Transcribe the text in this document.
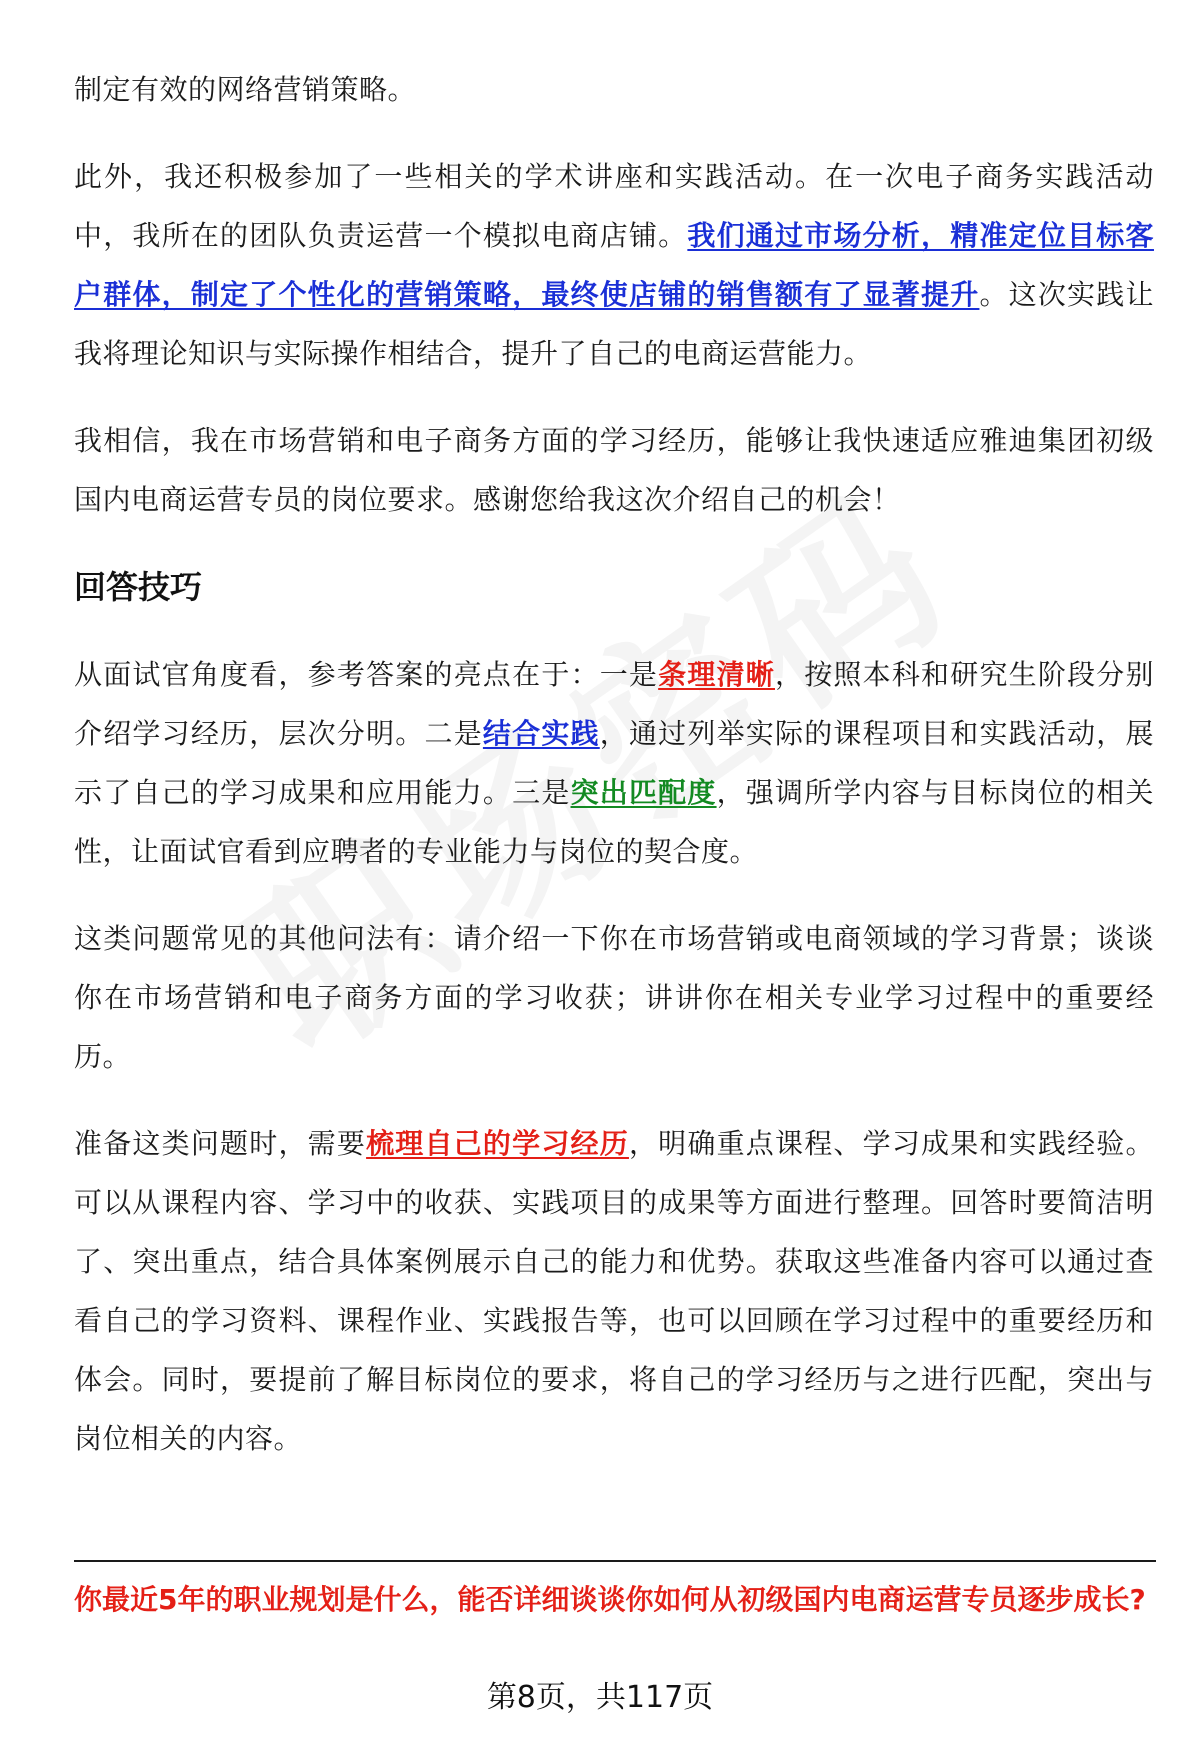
制定有效的网络营销策略。

此外，我还积极参加了一些相关的学术讲座和实践活动。在一次电子商务实践活动中，我所在的团队负责运营一个模拟电商店铺。我们通过市场分析，精准定位目标客户群体，制定了个性化的营销策略，最终使店铺的销售额有了显著提升。这次实践让我将理论知识与实际操作相结合，提升了自己的电商运营能力。

我相信，我在市场营销和电子商务方面的学习经历，能够让我快速适应雅迪集团初级国内电商运营专员的岗位要求。感谢您给我这次介绍自己的机会！

回答技巧

从面试官角度看，参考答案的亮点在于：一是条理清晰，按照本科和研究生阶段分别介绍学习经历，层次分明。二是结合实践，通过列举实际的课程项目和实践活动，展示了自己的学习成果和应用能力。三是突出匹配度，强调所学内容与目标岗位的相关性，让面试官看到应聘者的专业能力与岗位的契合度。

这类问题常见的其他问法有：请介绍一下你在市场营销或电商领域的学习背景；谈谈你在市场营销和电子商务方面的学习收获；讲讲你在相关专业学习过程中的重要经历。

准备这类问题时，需要梳理自己的学习经历，明确重点课程、学习成果和实践经验。可以从课程内容、学习中的收获、实践项目的成果等方面进行整理。回答时要简洁明了、突出重点，结合具体案例展示自己的能力和优势。获取这些准备内容可以通过查看自己的学习资料、课程作业、实践报告等，也可以回顾在学习过程中的重要经历和体会。同时，要提前了解目标岗位的要求，将自己的学习经历与之进行匹配，突出与岗位相关的内容。

你最近5年的职业规划是什么，能否详细谈谈你如何从初级国内电商运营专员逐步成长?

第8页，共117页
